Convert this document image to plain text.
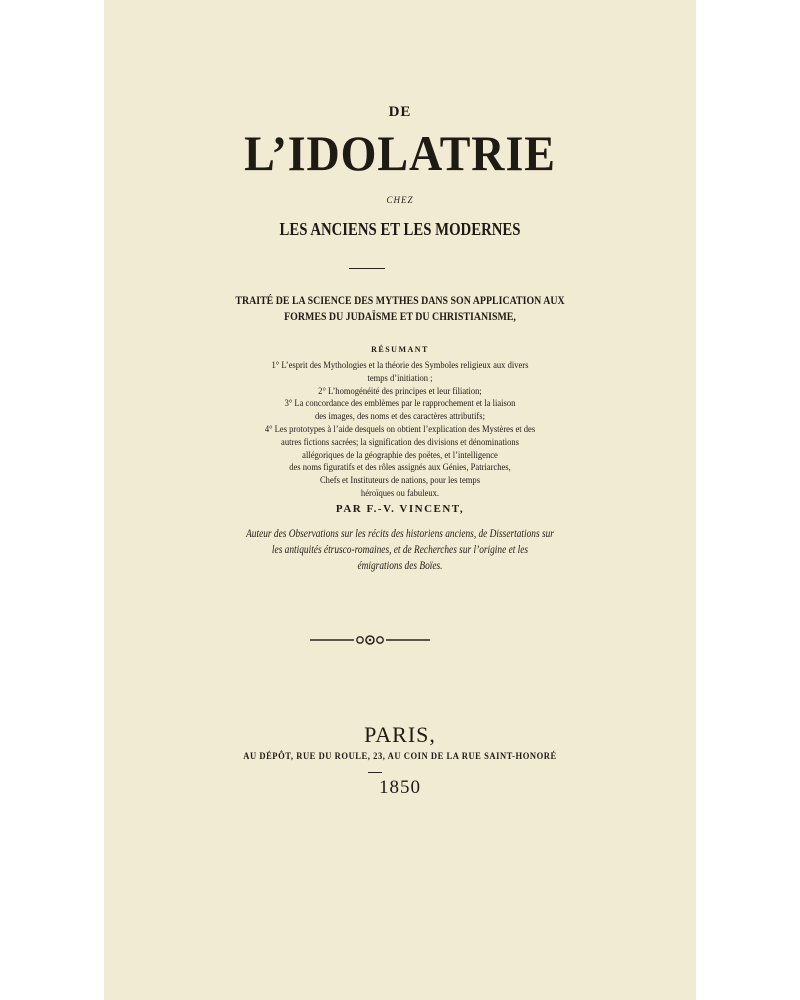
DE
L’IDOLATRIE
CHEZ
LES ANCIENS ET LES MODERNES
TRAITÉ DE LA SCIENCE DES MYTHES DANS SON APPLICATION AUX
FORMES DU JUDAÏSME ET DU CHRISTIANISME,
RÉSUMANT
1° L’esprit des Mythologies et la théorie des Symboles religieux aux divers
temps d’initiation ;
2° L’homogénéité des principes et leur filiation;
3° La concordance des emblèmes par le rapprochement et la liaison
des images, des noms et des caractères attributifs;
4° Les prototypes à l’aide desquels on obtient l’explication des Mystères et des
autres fictions sacrées; la signification des divisions et dénominations
allégoriques de la géographie des poëtes, et l’intelligence
des noms figuratifs et des rôles assignés aux Génies, Patriarches,
Chefs et Instituteurs de nations, pour les temps
héroïques ou fabuleux.
PAR F.-V. VINCENT,
Auteur des Observations sur les récits des historiens anciens, de Dissertations sur
les antiquités étrusco-romaines, et de Recherches sur l’origine et les
émigrations des Boïes.
PARIS,
AU DÉPÔT, RUE DU ROULE, 23, AU COIN DE LA RUE SAINT-HONORÉ
1850
